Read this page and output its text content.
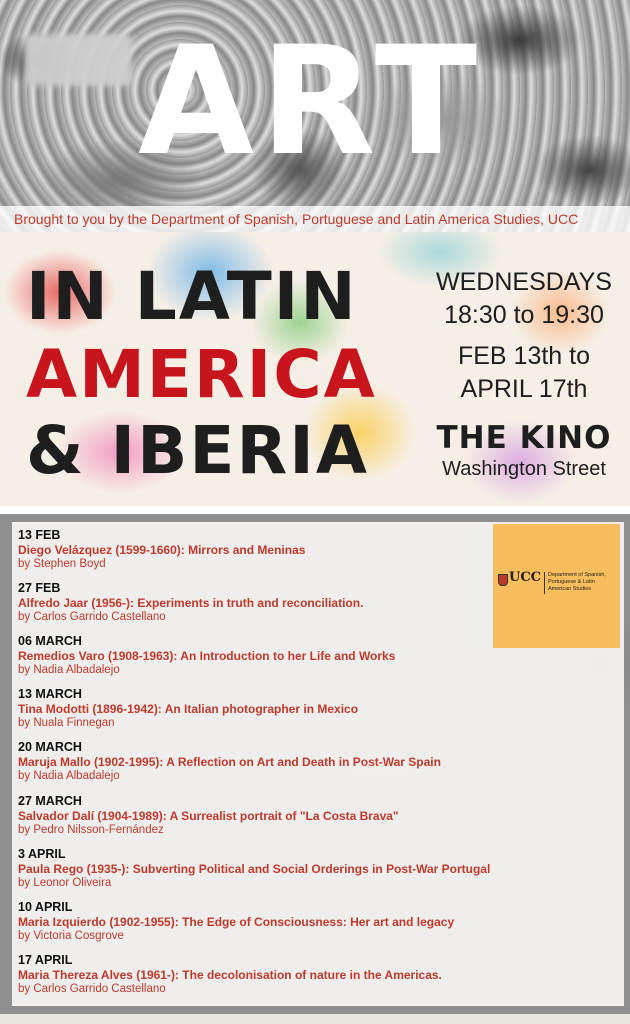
ART
Brought to you by the Department of Spanish, Portuguese and Latin America Studies, UCC
IN LATIN
AMERICA
& IBERIA
WEDNESDAYS
18:30 to 19:30
FEB 13th to
APRIL 17th
THE KINO
Washington Street
UCC Department of Spanish, Portuguese & Latin American Studies
13 FEB
Diego Velázquez (1599-1660): Mirrors and Meninas
by Stephen Boyd
27 FEB
Alfredo Jaar (1956-): Experiments in truth and reconciliation.
by Carlos Garrido Castellano
06 MARCH
Remedios Varo (1908-1963): An Introduction to her Life and Works
by Nadia Albadalejo
13 MARCH
Tina Modotti (1896-1942): An Italian photographer in Mexico
by Nuala Finnegan
20 MARCH
Maruja Mallo (1902-1995): A Reflection on Art and Death in Post-War Spain
by Nadia Albadalejo
27 MARCH
Salvador Dalí (1904-1989): A Surrealist portrait of "La Costa Brava"
by Pedro Nilsson-Fernández
3 APRIL
Paula Rego (1935-): Subverting Political and Social Orderings in Post-War Portugal
by Leonor Oliveira
10 APRIL
Maria Izquierdo (1902-1955): The Edge of Consciousness: Her art and legacy
by Victoria Cosgrove
17 APRIL
Maria Thereza Alves (1961-): The decolonisation of nature in the Americas.
by Carlos Garrido Castellano
